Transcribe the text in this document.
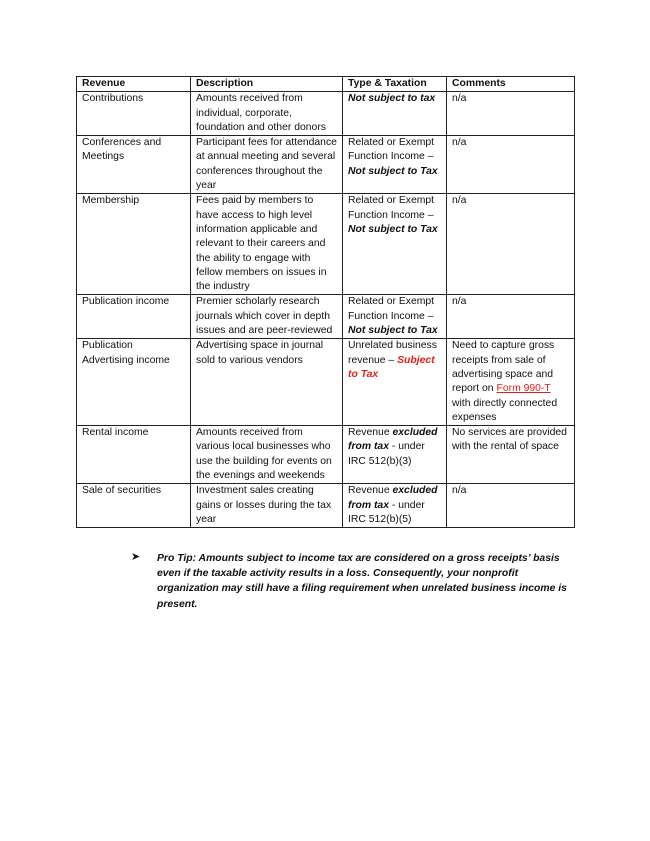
Revenue	Description	Type & Taxation	Comments
Contributions	Amounts received from individual, corporate, foundation and other donors	Not subject to tax	n/a
Conferences and Meetings	Participant fees for attendance at annual meeting and several conferences throughout the year	Related or Exempt Function Income – Not subject to Tax	n/a
Membership	Fees paid by members to have access to high level information applicable and relevant to their careers and the ability to engage with fellow members on issues in the industry	Related or Exempt Function Income – Not subject to Tax	n/a
Publication income	Premier scholarly research journals which cover in depth issues and are peer-reviewed	Related or Exempt Function Income – Not subject to Tax	n/a
Publication Advertising income	Advertising space in journal sold to various vendors	Unrelated business revenue – Subject to Tax	Need to capture gross receipts from sale of advertising space and report on Form 990-T with directly connected expenses
Rental income	Amounts received from various local businesses who use the building for events on the evenings and weekends	Revenue excluded from tax - under IRC 512(b)(3)	No services are provided with the rental of space
Sale of securities	Investment sales creating gains or losses during the tax year	Revenue excluded from tax - under IRC 512(b)(5)	n/a
➤	Pro Tip: Amounts subject to income tax are considered on a gross receipts’ basis even if the taxable activity results in a loss. Consequently, your nonprofit organization may still have a filing requirement when unrelated business income is present.
